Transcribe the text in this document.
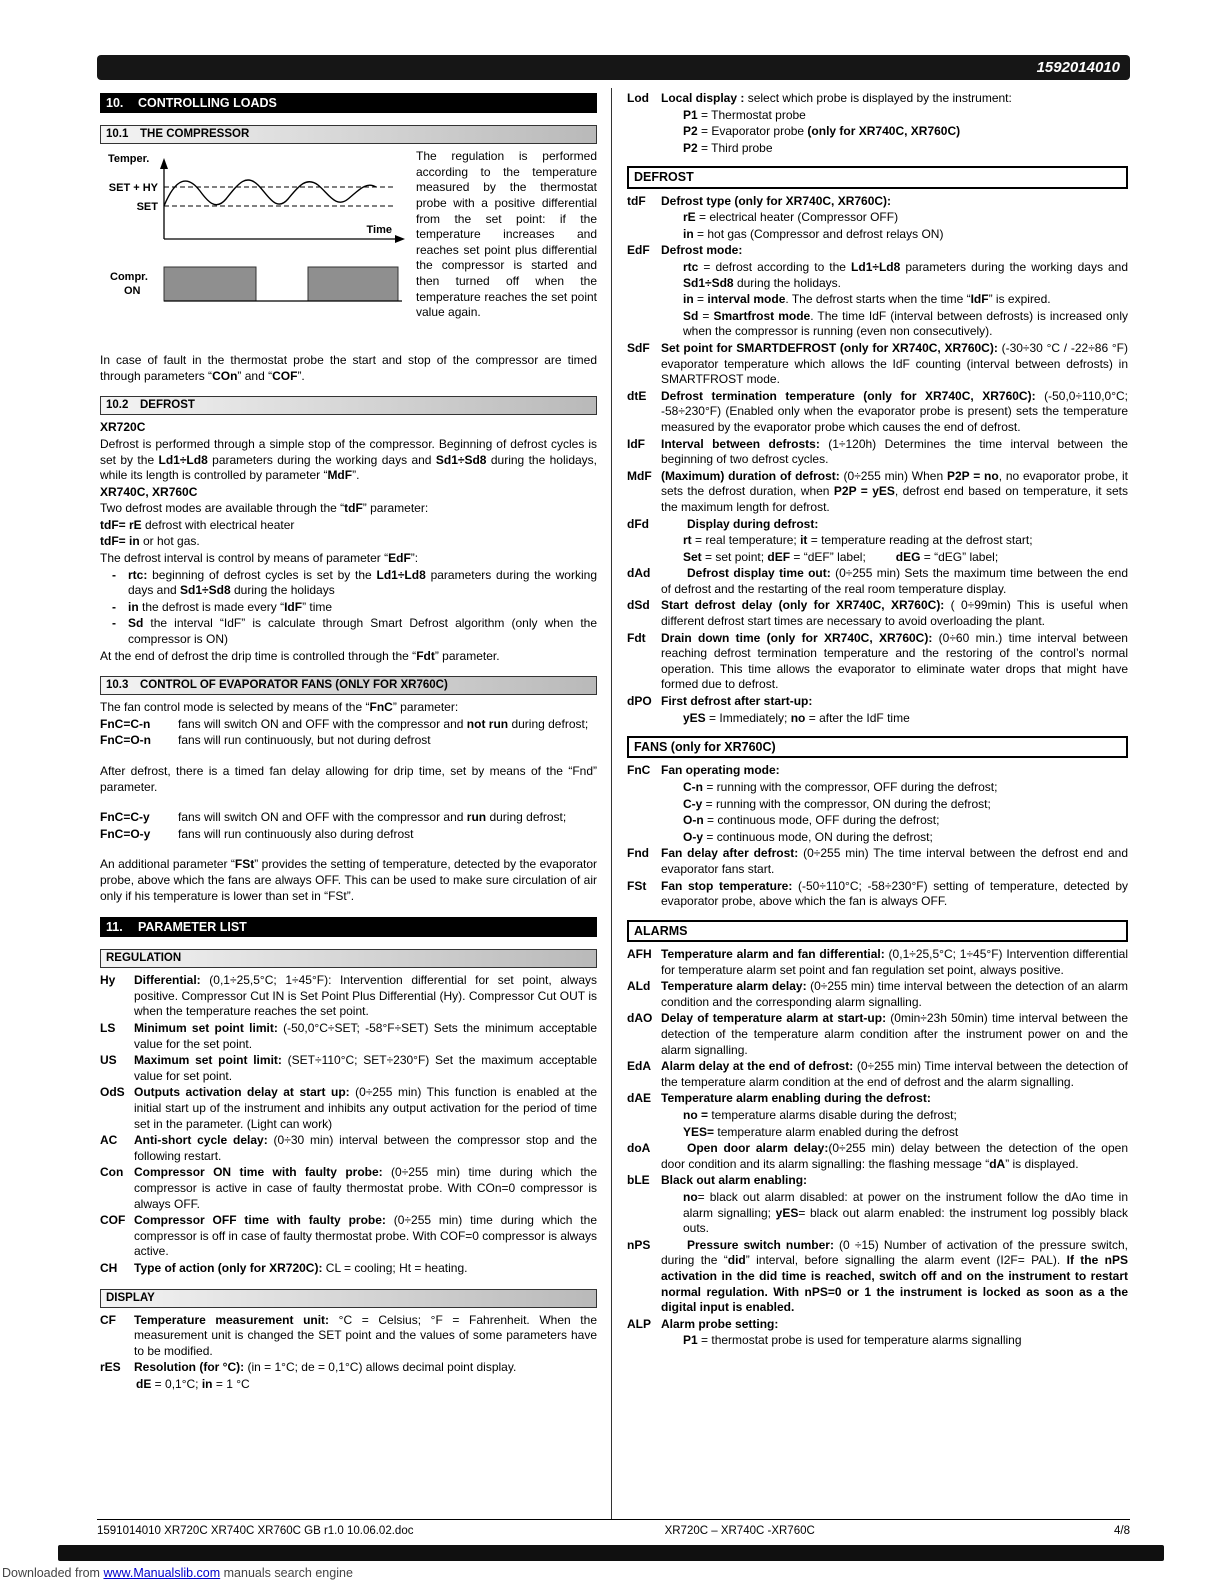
1592014010
10.	CONTROLLING LOADS
10.1	THE COMPRESSOR
Temper.
SET + HY
SET
Time
Compr.
ON
The regulation is performed according to the temperature measured by the thermostat probe with a positive differential from the set point: if the temperature increases and reaches set point plus differential the compressor is started and then turned off when the temperature reaches the set point value again.
In case of fault in the thermostat probe the start and stop of the compressor are timed through parameters “COn” and “COF”.
10.2	DEFROST
XR720C
Defrost is performed through a simple stop of the compressor. Beginning of defrost cycles is set by the Ld1÷Ld8 parameters during the working days and Sd1÷Sd8 during the holidays, while its length is controlled by parameter “MdF”.
XR740C, XR760C
Two defrost modes are available through the “tdF” parameter:
tdF= rE defrost with electrical heater
tdF= in or hot gas.
The defrost interval is control by means of parameter “EdF”:
-	rtc: beginning of defrost cycles is set by the Ld1÷Ld8 parameters during the working days and Sd1÷Sd8 during the holidays
-	in the defrost is made every “IdF” time
-	Sd the interval “IdF” is calculate through Smart Defrost algorithm (only when the compressor is ON)
At the end of defrost the drip time is controlled through the “Fdt” parameter.
10.3	CONTROL OF EVAPORATOR FANS (ONLY FOR XR760C)
The fan control mode is selected by means of the “FnC” parameter:
FnC=C-n	fans will switch ON and OFF with the compressor and not run during defrost;
FnC=O-n	fans will run continuously, but not during defrost
After defrost, there is a timed fan delay allowing for drip time, set by means of the “Fnd” parameter.
FnC=C-y	fans will switch ON and OFF with the compressor and run during defrost;
FnC=O-y	fans will run continuously also during defrost
An additional parameter “FSt” provides the setting of temperature, detected by the evaporator probe, above which the fans are always OFF. This can be used to make sure circulation of air only if his temperature is lower than set in “FSt”.
11.	PARAMETER LIST
REGULATION
Hy	Differential: (0,1÷25,5°C; 1÷45°F): Intervention differential for set point, always positive. Compressor Cut IN is Set Point Plus Differential (Hy). Compressor Cut OUT is when the temperature reaches the set point.
LS	Minimum set point limit: (-50,0°C÷SET; -58°F÷SET) Sets the minimum acceptable value for the set point.
US	Maximum set point limit: (SET÷110°C; SET÷230°F) Set the maximum acceptable value for set point.
OdS Outputs activation delay at start up: (0÷255 min) This function is enabled at the initial start up of the instrument and inhibits any output activation for the period of time set in the parameter. (Light can work)
AC	Anti-short cycle delay: (0÷30 min) interval between the compressor stop and the following restart.
Con Compressor ON time with faulty probe: (0÷255 min) time during which the compressor is active in case of faulty thermostat probe. With COn=0 compressor is always OFF.
COF Compressor OFF time with faulty probe: (0÷255 min) time during which the compressor is off in case of faulty thermostat probe. With COF=0 compressor is always active.
CH	Type of action (only for XR720C): CL = cooling; Ht = heating.
DISPLAY
CF	Temperature measurement unit: °C = Celsius; °F = Fahrenheit. When the measurement unit is changed the SET point and the values of some parameters have to be modified.
rES	Resolution (for °C): (in = 1°C; de = 0,1°C) allows decimal point display.
dE = 0,1°C; in = 1 °C
Lod	Local display : select which probe is displayed by the instrument:
P1 = Thermostat probe
P2 = Evaporator probe (only for XR740C, XR760C)
P2 = Third probe
DEFROST
tdF	Defrost type (only for XR740C, XR760C):
rE = electrical heater (Compressor OFF)
in = hot gas (Compressor and defrost relays ON)
EdF Defrost mode:
rtc = defrost according to the Ld1÷Ld8 parameters during the working days and Sd1÷Sd8 during the holidays.
in = interval mode. The defrost starts when the time “IdF” is expired.
Sd = Smartfrost mode. The time IdF (interval between defrosts) is increased only when the compressor is running (even non consecutively).
SdF Set point for SMARTDEFROST (only for XR740C, XR760C): (-30÷30 °C / -22÷86 °F) evaporator temperature which allows the IdF counting (interval between defrosts) in SMARTFROST mode.
dtE	Defrost termination temperature (only for XR740C, XR760C): (-50,0÷110,0°C; -58÷230°F) (Enabled only when the evaporator probe is present) sets the temperature measured by the evaporator probe which causes the end of defrost.
IdF	Interval between defrosts: (1÷120h) Determines the time interval between the beginning of two defrost cycles.
MdF (Maximum) duration of defrost: (0÷255 min) When P2P = no, no evaporator probe, it sets the defrost duration, when P2P = yES, defrost end based on temperature, it sets the maximum length for defrost.
dFd	Display during defrost:
rt = real temperature; it = temperature reading at the defrost start;
Set = set point; dEF = “dEF” label;	dEG = “dEG” label;
dAd	Defrost display time out: (0÷255 min) Sets the maximum time between the end of defrost and the restarting of the real room temperature display.
dSd Start defrost delay (only for XR740C, XR760C): ( 0÷99min) This is useful when different defrost start times are necessary to avoid overloading the plant.
Fdt	Drain down time (only for XR740C, XR760C): (0÷60 min.) time interval between reaching defrost termination temperature and the restoring of the control’s normal operation. This time allows the evaporator to eliminate water drops that might have formed due to defrost.
dPO First defrost after start-up:
yES = Immediately; no = after the IdF time
FANS (only for XR760C)
FnC Fan operating mode:
C-n = running with the compressor, OFF during the defrost;
C-y = running with the compressor, ON during the defrost;
O-n = continuous mode, OFF during the defrost;
O-y = continuous mode, ON during the defrost;
Fnd	Fan delay after defrost: (0÷255 min) The time interval between the defrost end and evaporator fans start.
FSt	Fan stop temperature: (-50÷110°C; -58÷230°F) setting of temperature, detected by evaporator probe, above which the fan is always OFF.
ALARMS
AFH Temperature alarm and fan differential: (0,1÷25,5°C; 1÷45°F) Intervention differential for temperature alarm set point and fan regulation set point, always positive.
ALd Temperature alarm delay: (0÷255 min) time interval between the detection of an alarm condition and the corresponding alarm signalling.
dAO Delay of temperature alarm at start-up: (0min÷23h 50min) time interval between the detection of the temperature alarm condition after the instrument power on and the alarm signalling.
EdA Alarm delay at the end of defrost: (0÷255 min) Time interval between the detection of the temperature alarm condition at the end of defrost and the alarm signalling.
dAE Temperature alarm enabling during the defrost:
no = temperature alarms disable during the defrost;
YES= temperature alarm enabled during the defrost
doA	Open door alarm delay:(0÷255 min) delay between the detection of the open door condition and its alarm signalling: the flashing message “dA” is displayed.
bLE Black out alarm enabling:
no= black out alarm disabled: at power on the instrument follow the dAo time in alarm signalling; yES= black out alarm enabled: the instrument log possibly black outs.
nPS	Pressure switch number: (0 ÷15) Number of activation of the pressure switch, during the “did” interval, before signalling the alarm event (I2F= PAL). If the nPS activation in the did time is reached, switch off and on the instrument to restart normal regulation. With nPS=0 or 1 the instrument is locked as soon as a the digital input is enabled.
ALP Alarm probe setting:
P1 = thermostat probe is used for temperature alarms signalling
1591014010 XR720C XR740C XR760C GB r1.0 10.06.02.doc	XR720C – XR740C -XR760C	4/8
Downloaded from www.Manualslib.com manuals search engine
